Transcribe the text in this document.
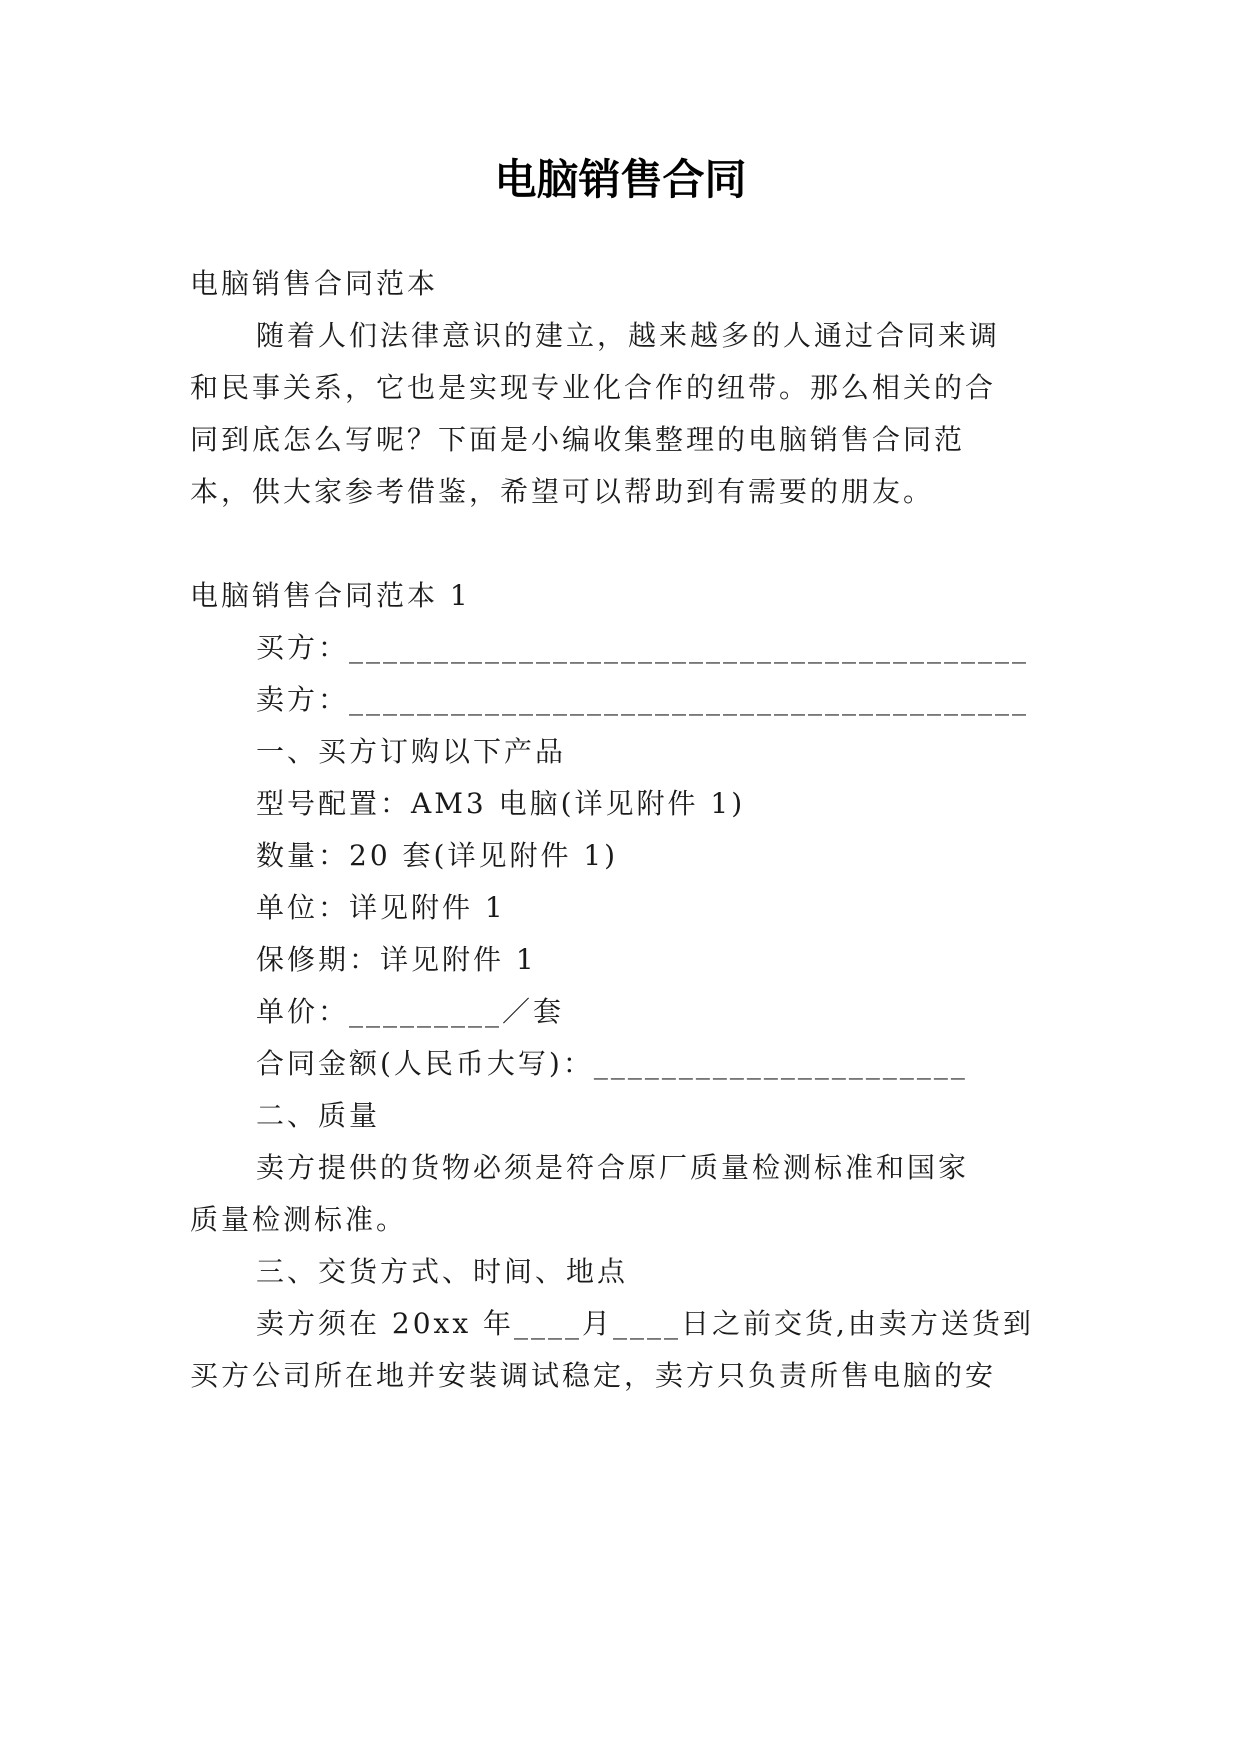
电脑销售合同
电脑销售合同范本
随着人们法律意识的建立，越来越多的人通过合同来调
和民事关系，它也是实现专业化合作的纽带。那么相关的合
同到底怎么写呢？下面是小编收集整理的电脑销售合同范
本，供大家参考借鉴，希望可以帮助到有需要的朋友。
电脑销售合同范本 1
买方：________________________________________
卖方：________________________________________
一、买方订购以下产品
型号配置：AM3 电脑(详见附件 1)
数量：20 套(详见附件 1)
单位：详见附件 1
保修期：详见附件 1
单价：_________／套
合同金额(人民币大写)：______________________
二、质量
卖方提供的货物必须是符合原厂质量检测标准和国家
质量检测标准。
三、交货方式、时间、地点
卖方须在 20xx 年____月____日之前交货,由卖方送货到
买方公司所在地并安装调试稳定，卖方只负责所售电脑的安
